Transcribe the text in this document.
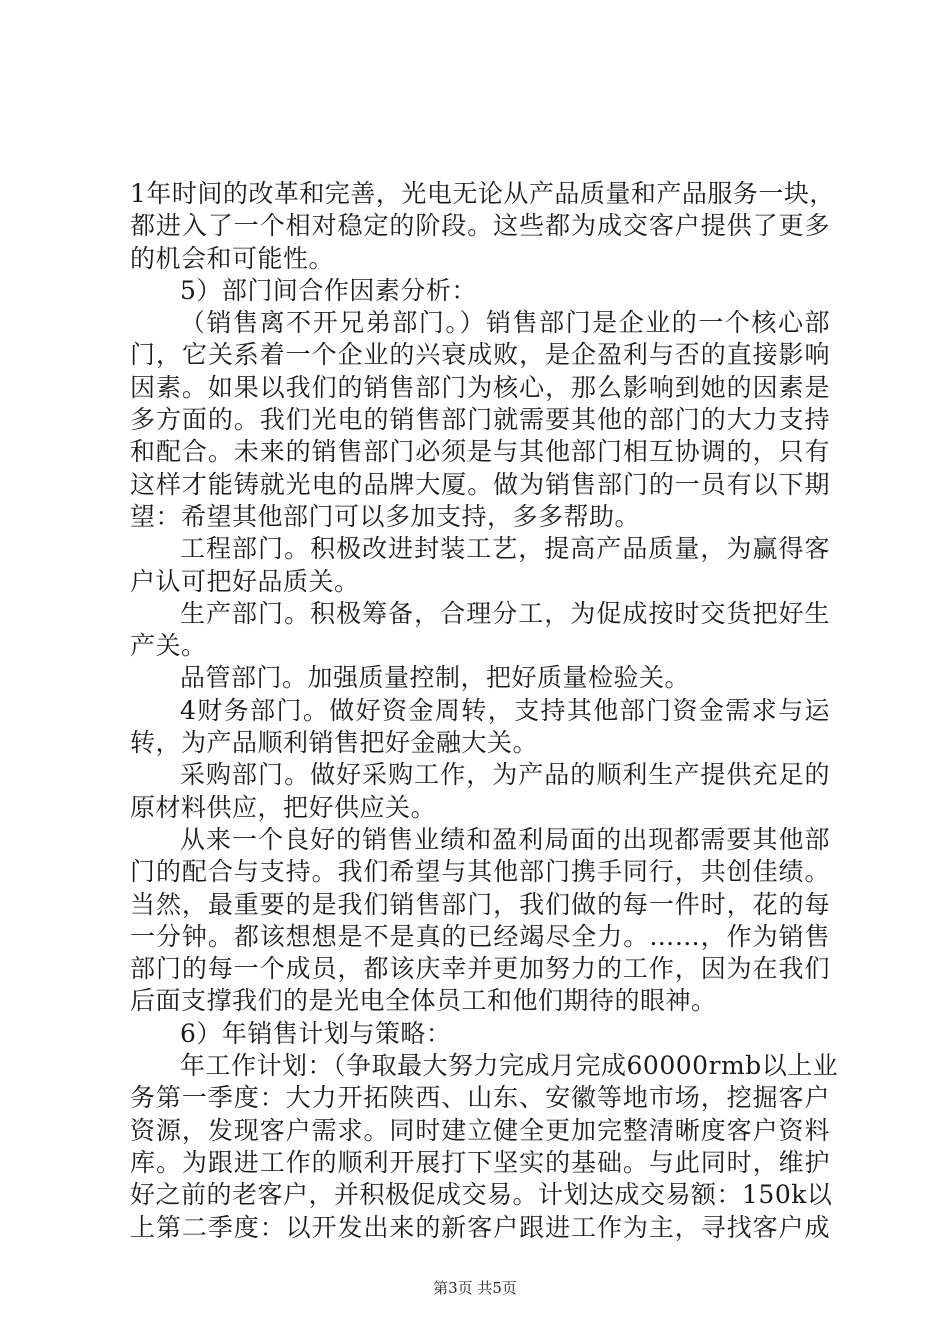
1年时间的改革和完善，光电无论从产品质量和产品服务一块，
都进入了一个相对稳定的阶段。这些都为成交客户提供了更多
的机会和可能性。
5）部门间合作因素分析：
（销售离不开兄弟部门。）销售部门是企业的一个核心部
门，它关系着一个企业的兴衰成败，是企盈利与否的直接影响
因素。如果以我们的销售部门为核心，那么影响到她的因素是
多方面的。我们光电的销售部门就需要其他的部门的大力支持
和配合。未来的销售部门必须是与其他部门相互协调的，只有
这样才能铸就光电的品牌大厦。做为销售部门的一员有以下期
望：希望其他部门可以多加支持，多多帮助。
工程部门。积极改进封装工艺，提高产品质量，为赢得客
户认可把好品质关。
生产部门。积极筹备，合理分工，为促成按时交货把好生
产关。
品管部门。加强质量控制，把好质量检验关。
4财务部门。做好资金周转，支持其他部门资金需求与运
转，为产品顺利销售把好金融大关。
采购部门。做好采购工作，为产品的顺利生产提供充足的
原材料供应，把好供应关。
从来一个良好的销售业绩和盈利局面的出现都需要其他部
门的配合与支持。我们希望与其他部门携手同行，共创佳绩。
当然，最重要的是我们销售部门，我们做的每一件时，花的每
一分钟。都该想想是不是真的已经竭尽全力。……，作为销售
部门的每一个成员，都该庆幸并更加努力的工作，因为在我们
后面支撑我们的是光电全体员工和他们期待的眼神。
6）年销售计划与策略：
年工作计划：（争取最大努力完成月完成60000rmb以上业
务第一季度：大力开拓陕西、山东、安徽等地市场，挖掘客户
资源，发现客户需求。同时建立健全更加完整清晰度客户资料
库。为跟进工作的顺利开展打下坚实的基础。与此同时，维护
好之前的老客户，并积极促成交易。计划达成交易额：150k以
上第二季度：以开发出来的新客户跟进工作为主，寻找客户成
第3页 共5页
